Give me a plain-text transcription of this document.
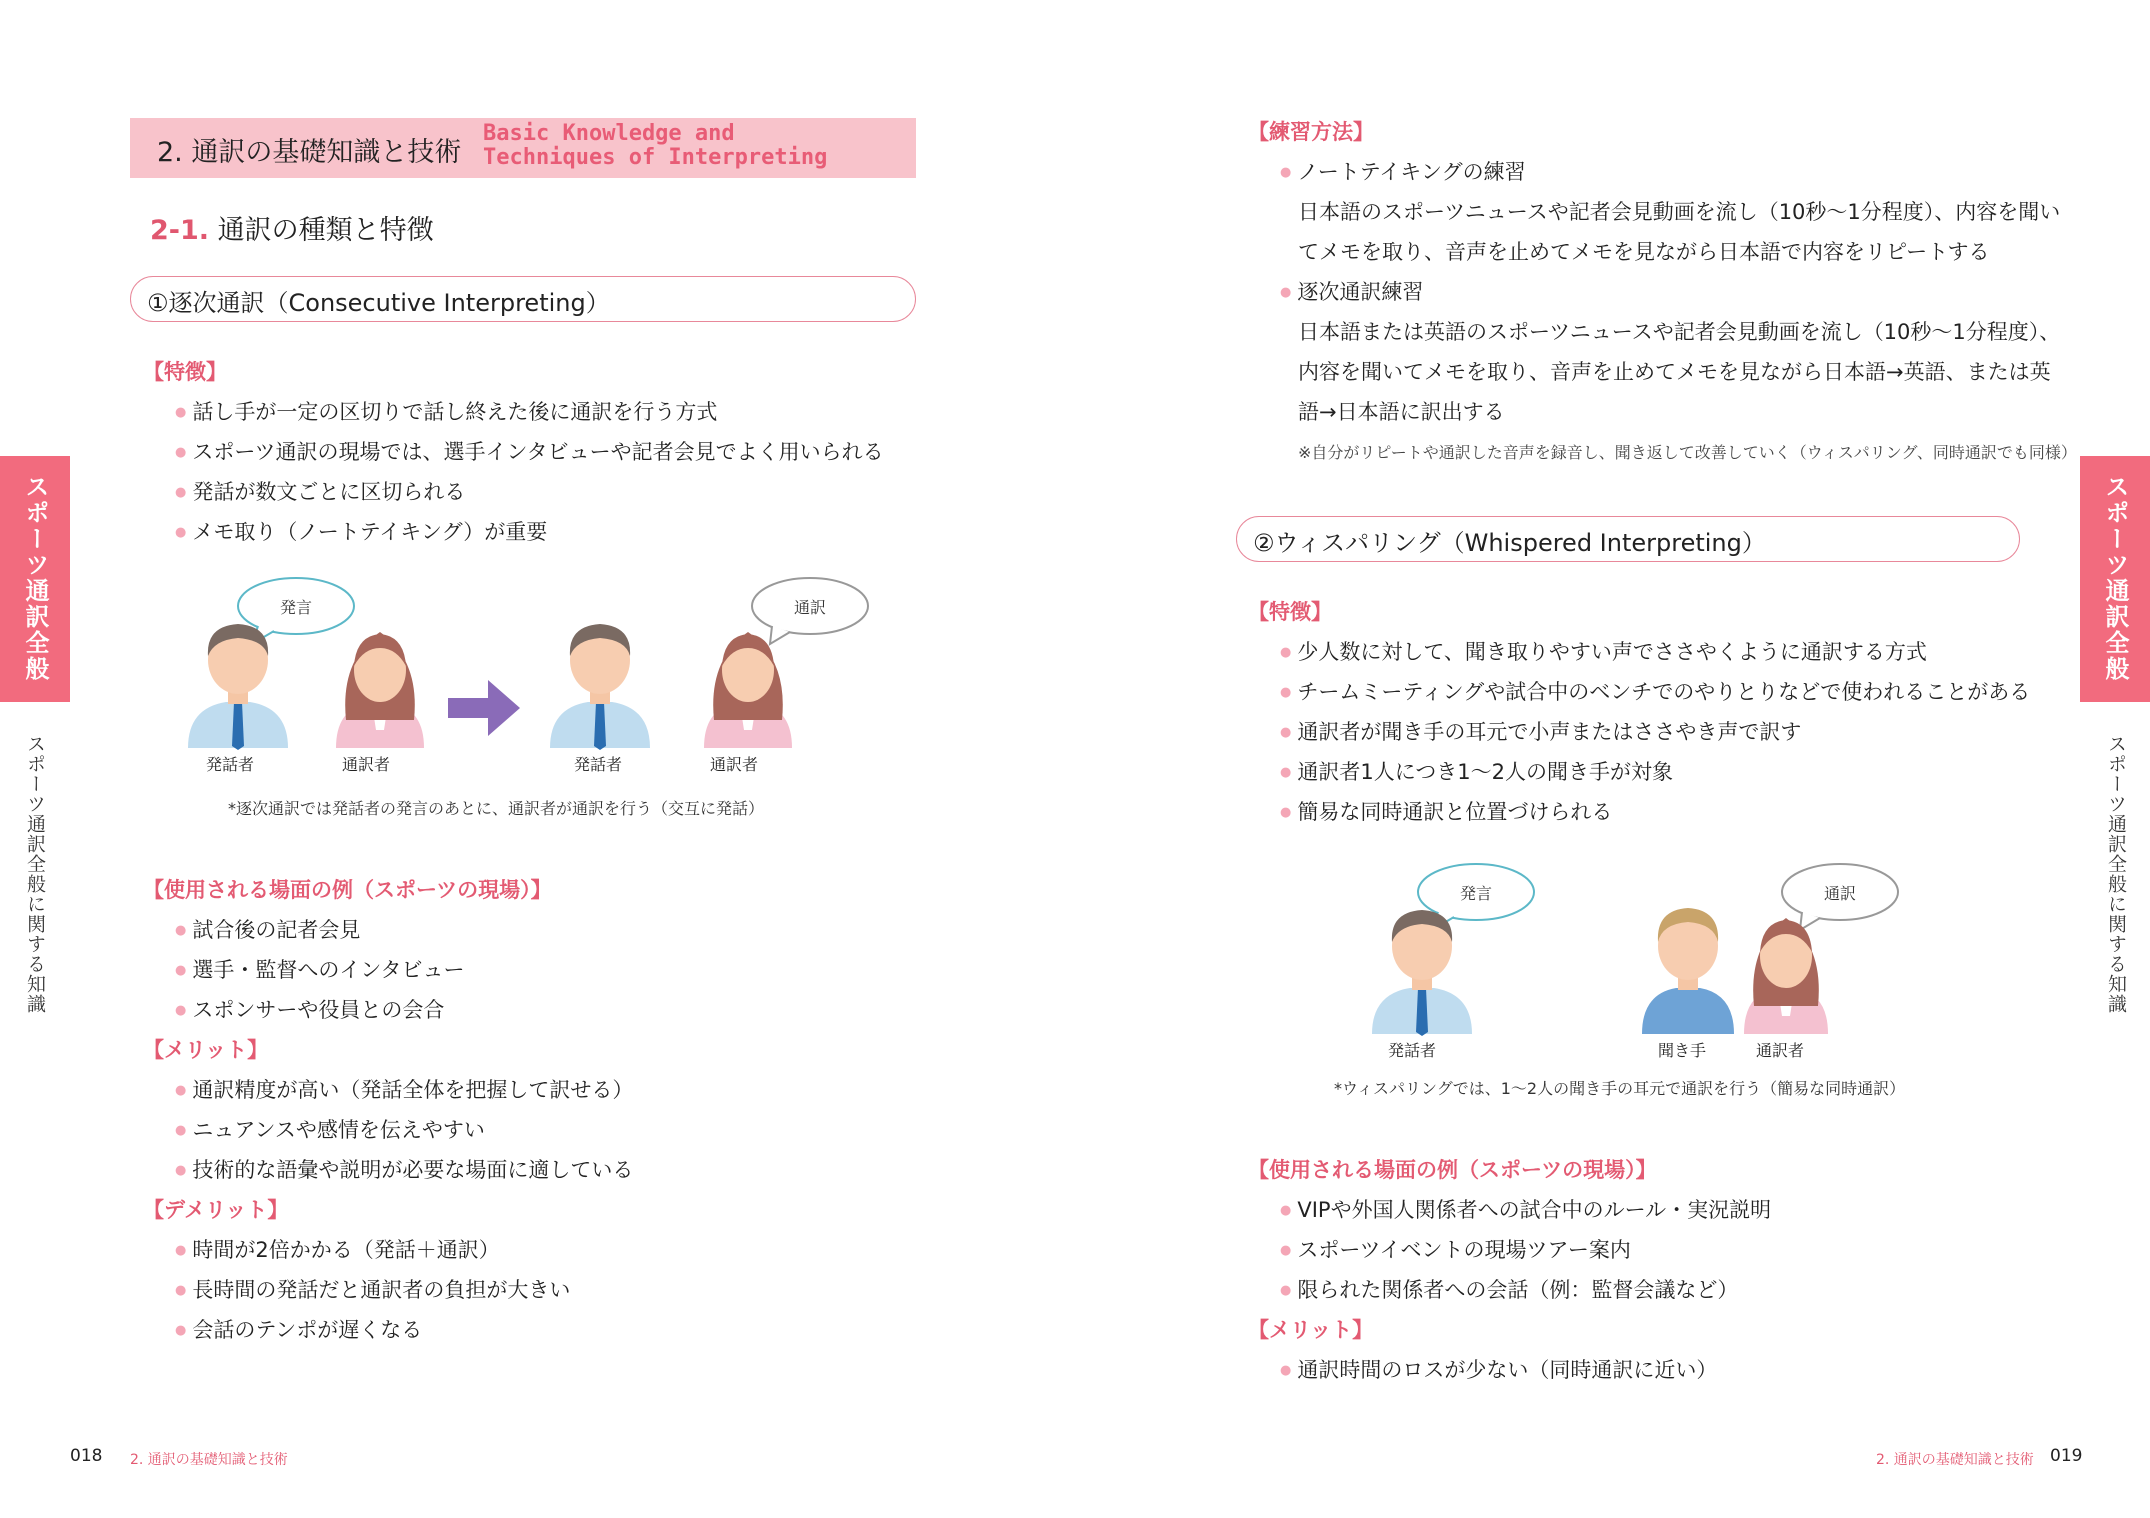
2. 通訳の基礎知識と技術
Basic Knowledge and
Techniques of Interpreting
2-1. 通訳の種類と特徴
①逐次通訳（Consecutive Interpreting）
【特徴】
● 話し手が一定の区切りで話し終えた後に通訳を行う方式
● スポーツ通訳の現場では、選手インタビューや記者会見でよく用いられる
● 発話が数文ごとに区切られる
● メモ取り（ノートテイキング）が重要
発言	通訳
発話者	通訳者	発話者	通訳者
*逐次通訳では発話者の発言のあとに、通訳者が通訳を行う（交互に発話）
【使用される場面の例（スポーツの現場）】
● 試合後の記者会見
● 選手・監督へのインタビュー
● スポンサーや役員との会合
【メリット】
● 通訳精度が高い（発話全体を把握して訳せる）
● ニュアンスや感情を伝えやすい
● 技術的な語彙や説明が必要な場面に適している
【デメリット】
● 時間が2倍かかる（発話＋通訳）
● 長時間の発話だと通訳者の負担が大きい
● 会話のテンポが遅くなる
【練習方法】
● ノートテイキングの練習
日本語のスポーツニュースや記者会見動画を流し（10秒～1分程度）、内容を聞い
てメモを取り、音声を止めてメモを見ながら日本語で内容をリピートする
● 逐次通訳練習
日本語または英語のスポーツニュースや記者会見動画を流し（10秒～1分程度）、
内容を聞いてメモを取り、音声を止めてメモを見ながら日本語→英語、または英
語→日本語に訳出する
※自分がリピートや通訳した音声を録音し、聞き返して改善していく（ウィスパリング、同時通訳でも同様）
②ウィスパリング（Whispered Interpreting）
【特徴】
● 少人数に対して、聞き取りやすい声でささやくように通訳する方式
● チームミーティングや試合中のベンチでのやりとりなどで使われることがある
● 通訳者が聞き手の耳元で小声またはささやき声で訳す
● 通訳者1人につき1～2人の聞き手が対象
● 簡易な同時通訳と位置づけられる
発言	通訳
発話者	聞き手	通訳者
*ウィスパリングでは、1～2人の聞き手の耳元で通訳を行う（簡易な同時通訳）
【使用される場面の例（スポーツの現場）】
● VIPや外国人関係者への試合中のルール・実況説明
● スポーツイベントの現場ツアー案内
● 限られた関係者への会話（例：監督会議など）
【メリット】
● 通訳時間のロスが少ない（同時通訳に近い）
スポーツ通訳全般
スポーツ通訳全般に関する知識
スポーツ通訳全般
スポーツ通訳全般に関する知識
018 2. 通訳の基礎知識と技術	2. 通訳の基礎知識と技術 019
